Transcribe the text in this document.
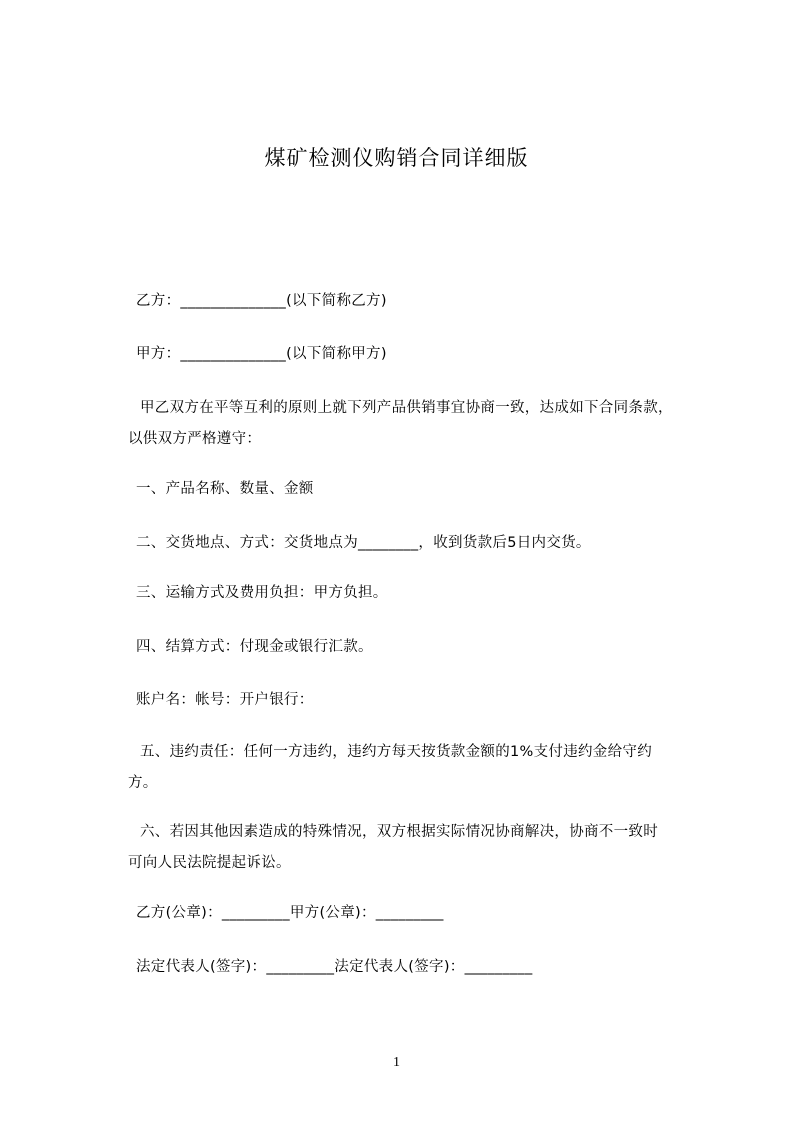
煤矿检测仪购销合同详细版
乙方：______________(以下简称乙方)
甲方：______________(以下简称甲方)
甲乙双方在平等互利的原则上就下列产品供销事宜协商一致，达成如下合同条款，
以供双方严格遵守：
一、产品名称、数量、金额
二、交货地点、方式：交货地点为________，收到货款后5日内交货。
三、运输方式及费用负担：甲方负担。
四、结算方式：付现金或银行汇款。
账户名：帐号：开户银行：
五、违约责任：任何一方违约，违约方每天按货款金额的1%支付违约金给守约
方。
六、若因其他因素造成的特殊情况，双方根据实际情况协商解决，协商不一致时
可向人民法院提起诉讼。
乙方(公章)：_________甲方(公章)：_________
法定代表人(签字)：_________法定代表人(签字)：_________
1
